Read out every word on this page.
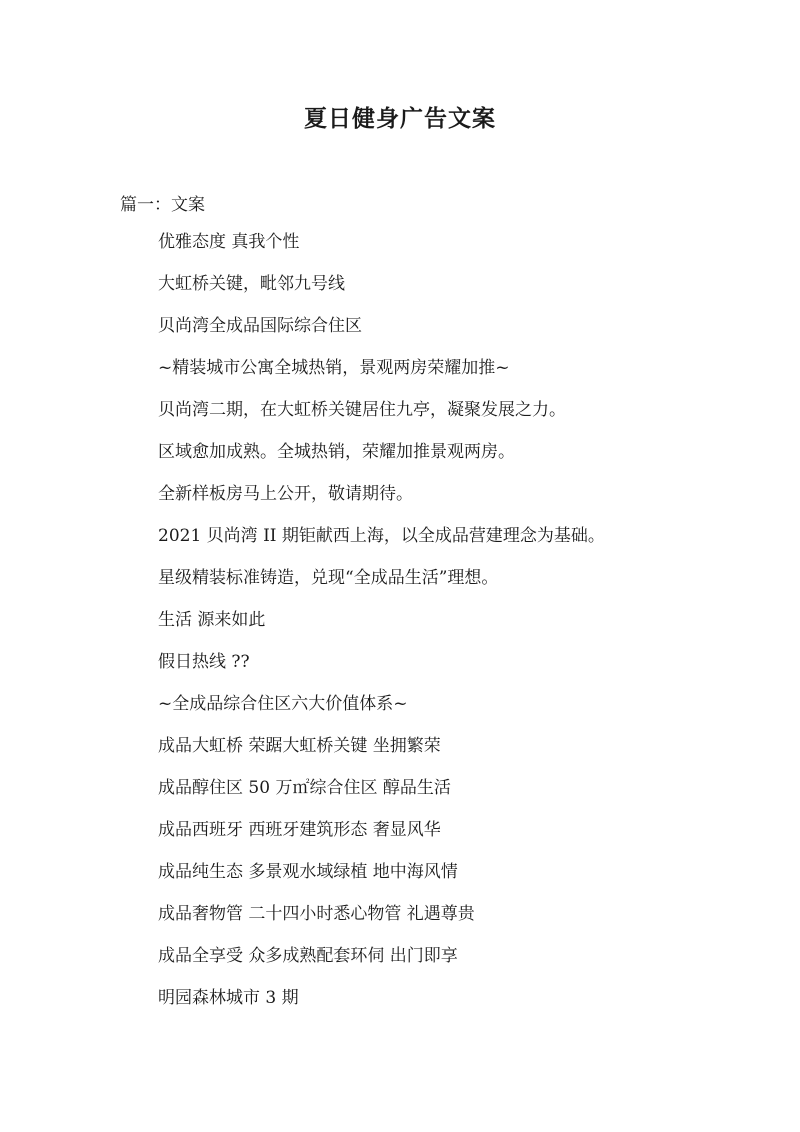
夏日健身广告文案
篇一：文案
优雅态度 真我个性
大虹桥关键，毗邻九号线
贝尚湾全成品国际综合住区
~精装城市公寓全城热销，景观两房荣耀加推~
贝尚湾二期，在大虹桥关键居住九亭，凝聚发展之力。
区域愈加成熟。全城热销，荣耀加推景观两房。
全新样板房马上公开，敬请期待。
2021 贝尚湾 II 期钜献西上海，以全成品营建理念为基础。
星级精装标准铸造，兑现“全成品生活”理想。
生活 源来如此
假日热线 ??
~全成品综合住区六大价值体系~
成品大虹桥 荣踞大虹桥关键 坐拥繁荣
成品醇住区 50 万㎡综合住区 醇品生活
成品西班牙 西班牙建筑形态 奢显风华
成品纯生态 多景观水域绿植 地中海风情
成品奢物管 二十四小时悉心物管 礼遇尊贵
成品全享受 众多成熟配套环伺 出门即享
明园森林城市 3 期
